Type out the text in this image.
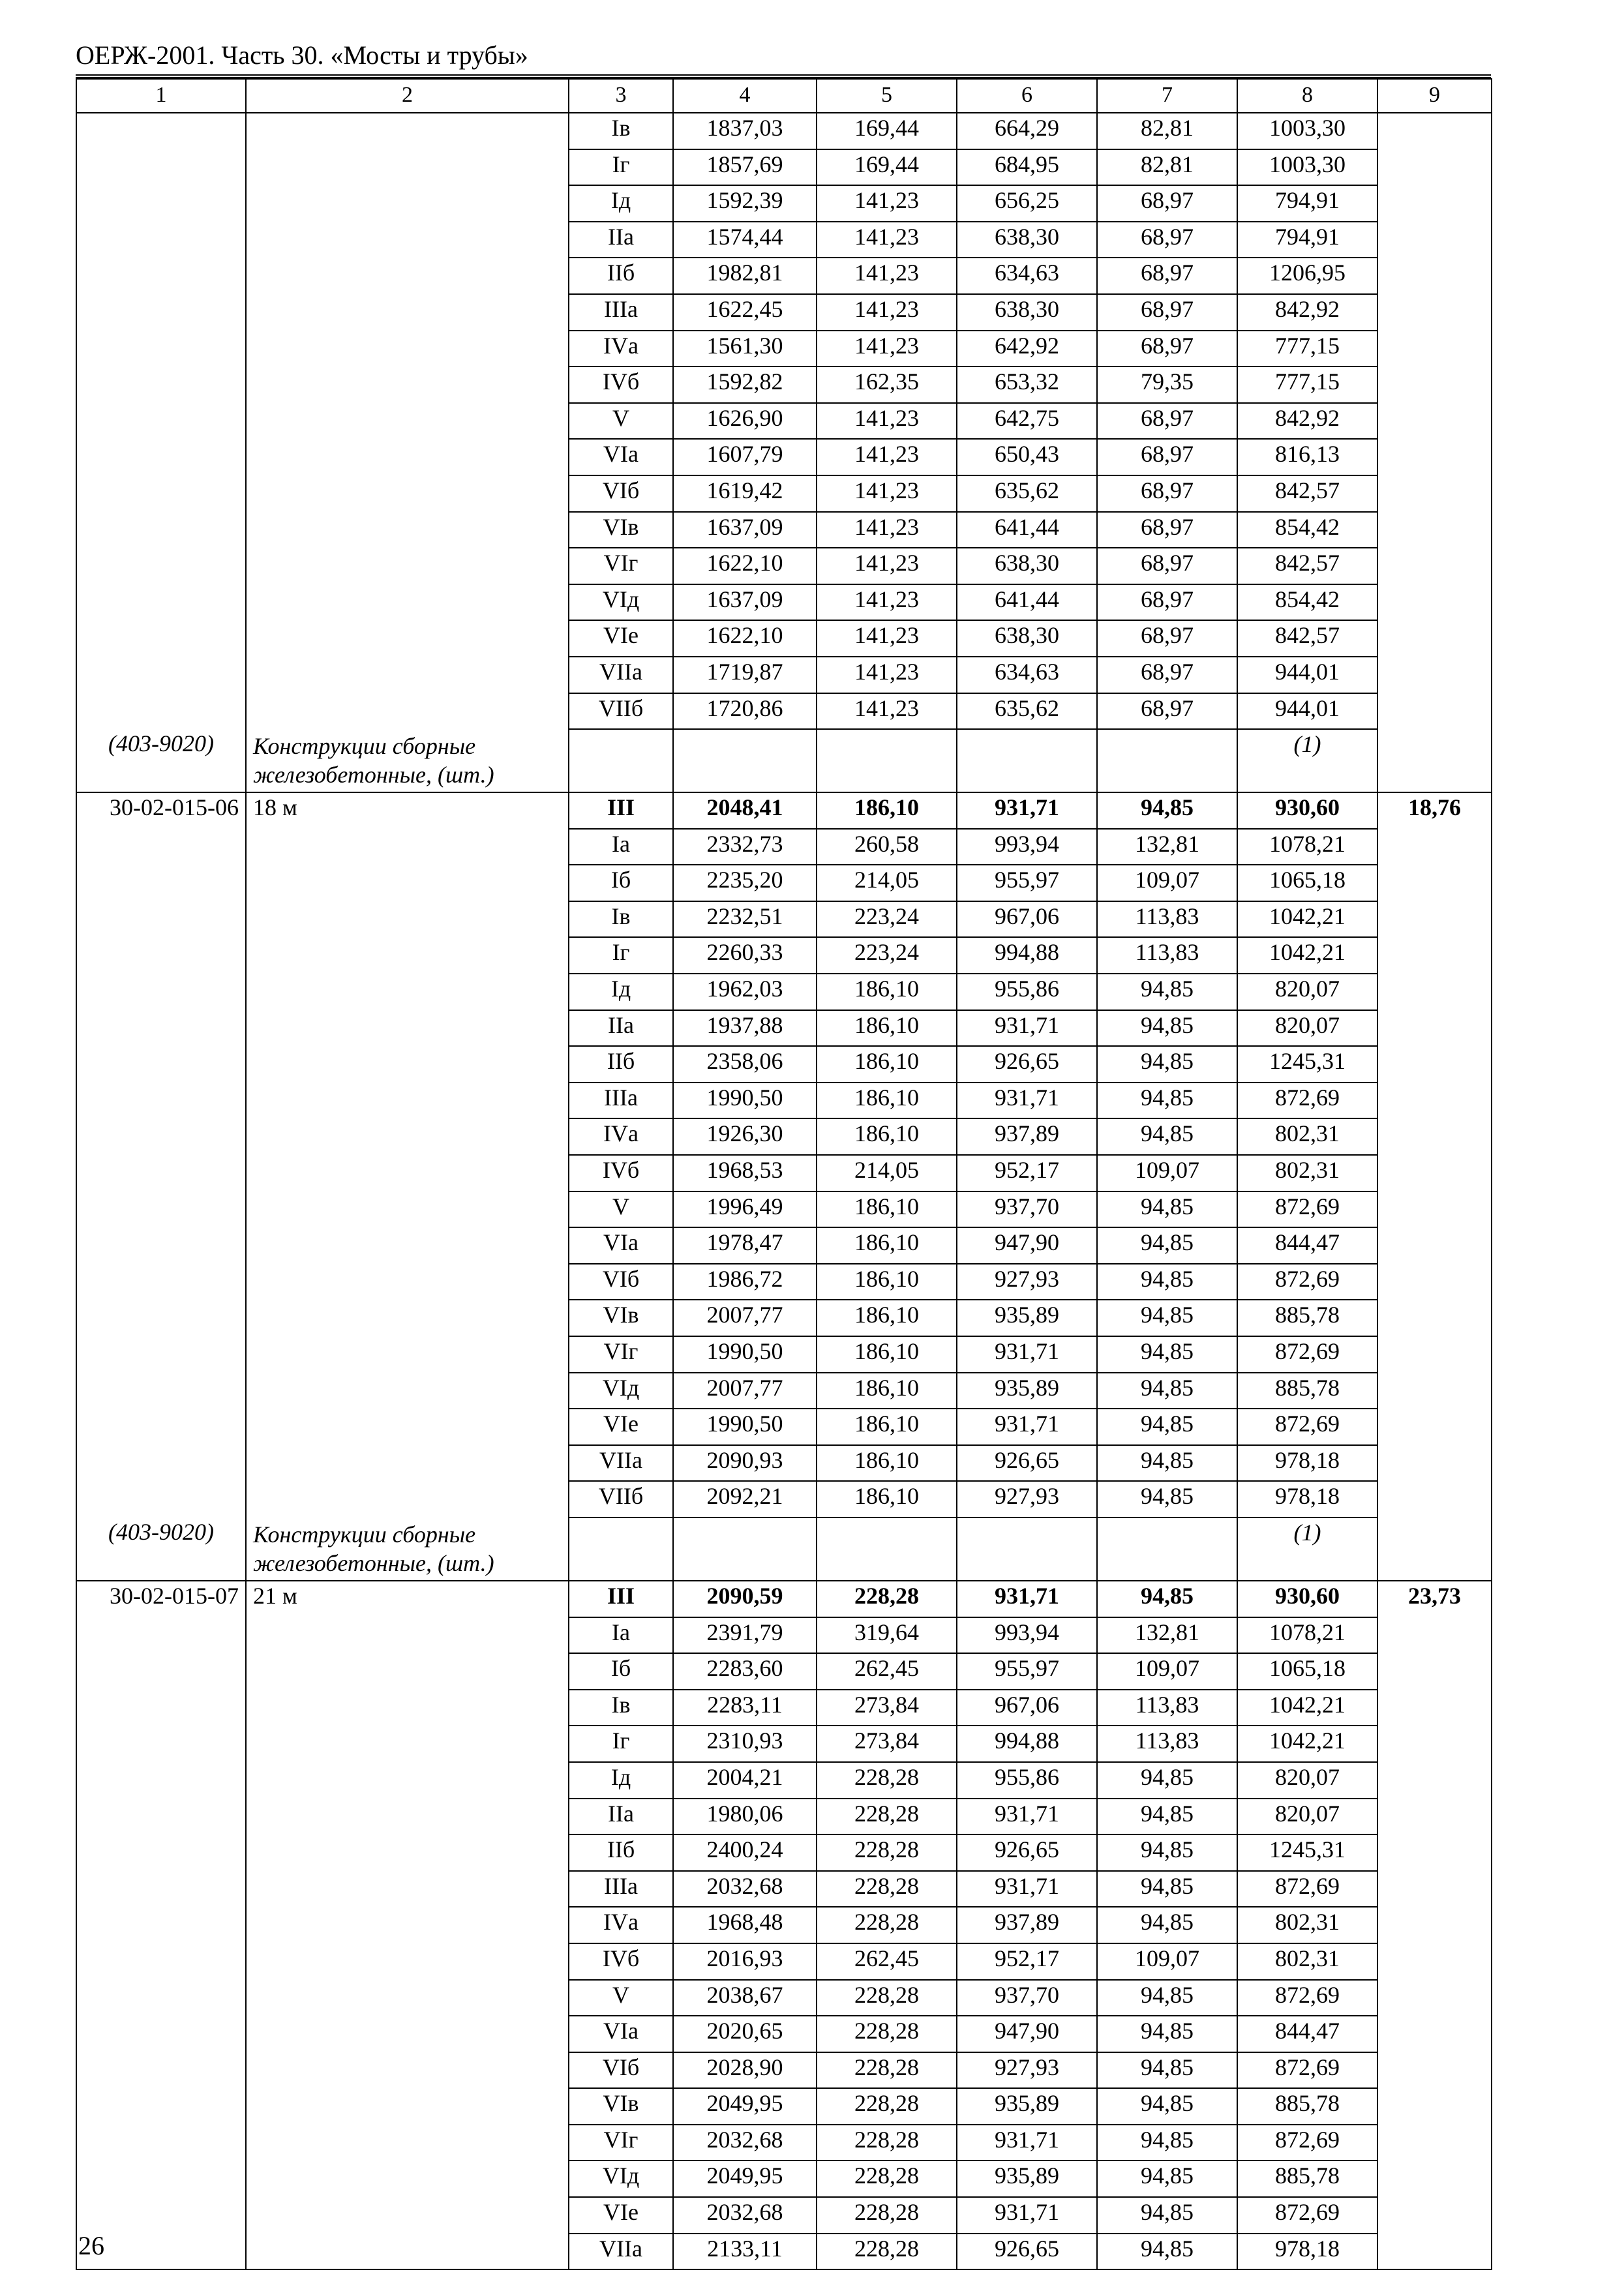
ОЕРЖ-2001. Часть 30. «Мосты и трубы»
1	2	3	4	5	6	7	8	9
		Iв	1837,03	169,44	664,29	82,81	1003,30	
		Iг	1857,69	169,44	684,95	82,81	1003,30	
		Iд	1592,39	141,23	656,25	68,97	794,91	
		IIа	1574,44	141,23	638,30	68,97	794,91	
		IIб	1982,81	141,23	634,63	68,97	1206,95	
		IIIа	1622,45	141,23	638,30	68,97	842,92	
		IVа	1561,30	141,23	642,92	68,97	777,15	
		IVб	1592,82	162,35	653,32	79,35	777,15	
		V	1626,90	141,23	642,75	68,97	842,92	
		VIа	1607,79	141,23	650,43	68,97	816,13	
		VIб	1619,42	141,23	635,62	68,97	842,57	
		VIв	1637,09	141,23	641,44	68,97	854,42	
		VIг	1622,10	141,23	638,30	68,97	842,57	
		VIд	1637,09	141,23	641,44	68,97	854,42	
		VIе	1622,10	141,23	638,30	68,97	842,57	
		VIIа	1719,87	141,23	634,63	68,97	944,01	
		VIIб	1720,86	141,23	635,62	68,97	944,01	
(403-9020)	Конструкции сборные железобетонные, (шт.)						(1)	
30-02-015-06	18 м	III	2048,41	186,10	931,71	94,85	930,60	18,76
		Iа	2332,73	260,58	993,94	132,81	1078,21	
		Iб	2235,20	214,05	955,97	109,07	1065,18	
		Iв	2232,51	223,24	967,06	113,83	1042,21	
		Iг	2260,33	223,24	994,88	113,83	1042,21	
		Iд	1962,03	186,10	955,86	94,85	820,07	
		IIа	1937,88	186,10	931,71	94,85	820,07	
		IIб	2358,06	186,10	926,65	94,85	1245,31	
		IIIа	1990,50	186,10	931,71	94,85	872,69	
		IVа	1926,30	186,10	937,89	94,85	802,31	
		IVб	1968,53	214,05	952,17	109,07	802,31	
		V	1996,49	186,10	937,70	94,85	872,69	
		VIа	1978,47	186,10	947,90	94,85	844,47	
		VIб	1986,72	186,10	927,93	94,85	872,69	
		VIв	2007,77	186,10	935,89	94,85	885,78	
		VIг	1990,50	186,10	931,71	94,85	872,69	
		VIд	2007,77	186,10	935,89	94,85	885,78	
		VIе	1990,50	186,10	931,71	94,85	872,69	
		VIIа	2090,93	186,10	926,65	94,85	978,18	
		VIIб	2092,21	186,10	927,93	94,85	978,18	
(403-9020)	Конструкции сборные железобетонные, (шт.)						(1)	
30-02-015-07	21 м	III	2090,59	228,28	931,71	94,85	930,60	23,73
		Iа	2391,79	319,64	993,94	132,81	1078,21	
		Iб	2283,60	262,45	955,97	109,07	1065,18	
		Iв	2283,11	273,84	967,06	113,83	1042,21	
		Iг	2310,93	273,84	994,88	113,83	1042,21	
		Iд	2004,21	228,28	955,86	94,85	820,07	
		IIа	1980,06	228,28	931,71	94,85	820,07	
		IIб	2400,24	228,28	926,65	94,85	1245,31	
		IIIа	2032,68	228,28	931,71	94,85	872,69	
		IVа	1968,48	228,28	937,89	94,85	802,31	
		IVб	2016,93	262,45	952,17	109,07	802,31	
		V	2038,67	228,28	937,70	94,85	872,69	
		VIа	2020,65	228,28	947,90	94,85	844,47	
		VIб	2028,90	228,28	927,93	94,85	872,69	
		VIв	2049,95	228,28	935,89	94,85	885,78	
		VIг	2032,68	228,28	931,71	94,85	872,69	
		VIд	2049,95	228,28	935,89	94,85	885,78	
		VIе	2032,68	228,28	931,71	94,85	872,69	
		VIIа	2133,11	228,28	926,65	94,85	978,18	
26
